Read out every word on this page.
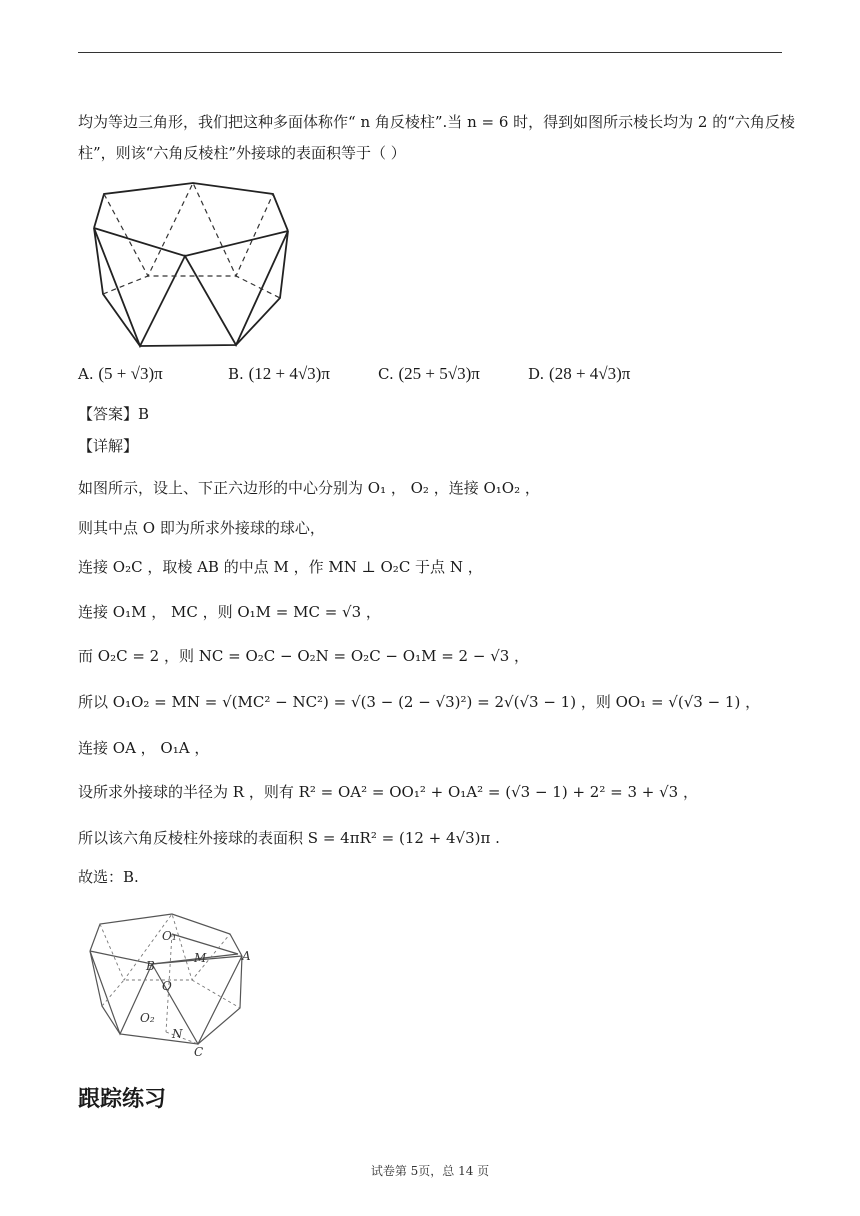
均为等边三角形，我们把这种多面体称作“ n 角反棱柱”.当 n = 6 时，得到如图所示棱长均为 2 的“六角反棱
柱”，则该“六角反棱柱”外接球的表面积等于（ ）
A. (5 + √3)π	B. (12 + 4√3)π	C. (25 + 5√3)π	D. (28 + 4√3)π
【答案】B
【详解】
如图所示，设上、下正六边形的中心分别为 O₁ ， O₂ ，连接 O₁O₂ ，
则其中点 O 即为所求外接球的球心，
连接 O₂C ，取棱 AB 的中点 M ，作 MN ⊥ O₂C 于点 N ，
连接 O₁M ， MC ，则 O₁M = MC = √3 ，
而 O₂C = 2 ，则 NC = O₂C − O₂N = O₂C − O₁M = 2 − √3 ，
所以 O₁O₂ = MN = √(MC² − NC²) = √(3 − (2 − √3)²) = 2√(√3 − 1) ，则 OO₁ = √(√3 − 1) ，
连接 OA ， O₁A ，
设所求外接球的半径为 R ，则有 R² = OA² = OO₁² + O₁A² = (√3 − 1) + 2² = 3 + √3 ，
所以该六角反棱柱外接球的表面积 S = 4πR² = (12 + 4√3)π .
故选：B.
O₁
M	A
B
O
O₂
N
C
跟踪练习
试卷第 5页，总 14 页
